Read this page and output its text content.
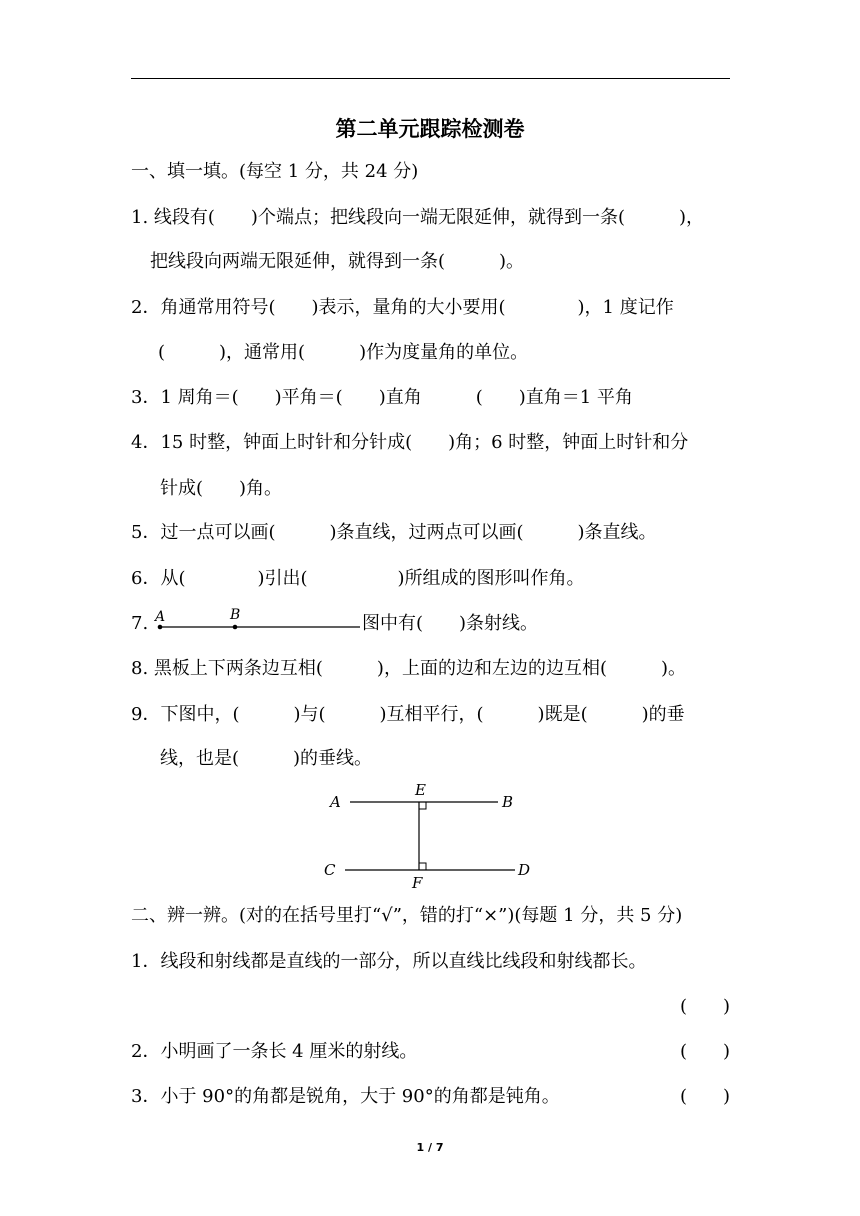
第二单元跟踪检测卷
一、填一填。(每空 1 分，共 24 分)
1. 线段有(　　)个端点；把线段向一端无限延伸，就得到一条(　　　)，
把线段向两端无限延伸，就得到一条(　　　)。
2．角通常用符号(　　)表示，量角的大小要用(　　　　)，1 度记作
(　　　)，通常用(　　　)作为度量角的单位。
3．1 周角＝(　　)平角＝(　　)直角　　　(　　)直角＝1 平角
4．15 时整，钟面上时针和分针成(　　)角；6 时整，钟面上时针和分
针成(　　)角。
5．过一点可以画(　　　)条直线，过两点可以画(　　　)条直线。
6．从(　　　　)引出(　　　　　)所组成的图形叫作角。
7. A	B	图中有(　　)条射线。
8. 黑板上下两条边互相(　　　)，上面的边和左边的边互相(　　　)。
9．下图中，(　　　)与(　　　)互相平行，(　　　)既是(　　　)的垂
线，也是(　　　)的垂线。
A	B
C	D
E
F
二、辨一辨。(对的在括号里打“√”，错的打“×”)(每题 1 分，共 5 分)
1．线段和射线都是直线的一部分，所以直线比线段和射线都长。
(　　)
2．小明画了一条长 4 厘米的射线。	(　　)
3．小于 90°的角都是锐角，大于 90°的角都是钝角。	(　　)
1 / 7
